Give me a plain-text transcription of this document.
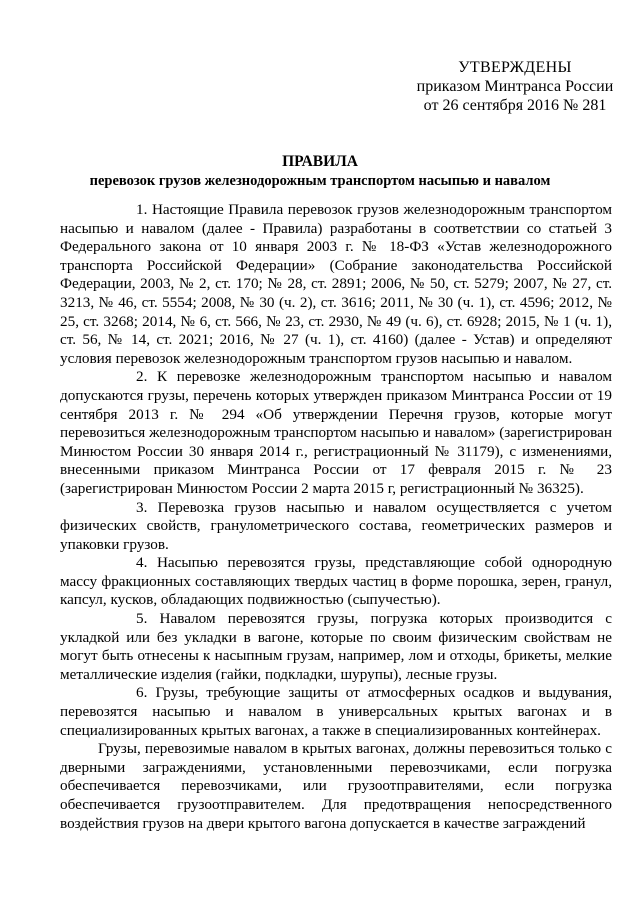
УТВЕРЖДЕНЫ
приказом Минтранса России
от 26 сентября 2016 № 281
ПРАВИЛА
перевозок грузов железнодорожным транспортом насыпью и навалом

1. Настоящие Правила перевозок грузов железнодорожным транспортом насыпью и навалом (далее - Правила) разработаны в соответствии со статьей 3 Федерального закона от 10 января 2003 г. № 18-ФЗ «Устав железнодорожного транспорта Российской Федерации» (Собрание законодательства Российской Федерации, 2003, № 2, ст. 170; № 28, ст. 2891; 2006, № 50, ст. 5279; 2007, № 27, ст. 3213, № 46, ст. 5554; 2008, № 30 (ч. 2), ст. 3616; 2011, № 30 (ч. 1), ст. 4596; 2012, № 25, ст. 3268; 2014, № 6, ст. 566, № 23, ст. 2930, № 49 (ч. 6), ст. 6928; 2015, № 1 (ч. 1), ст. 56, № 14, ст. 2021; 2016, № 27 (ч. 1), ст. 4160) (далее - Устав) и определяют условия перевозок железнодорожным транспортом грузов насыпью и навалом.

2. К перевозке железнодорожным транспортом насыпью и навалом допускаются грузы, перечень которых утвержден приказом Минтранса России от 19 сентября 2013 г. № 294 «Об утверждении Перечня грузов, которые могут перевозиться железнодорожным транспортом насыпью и навалом» (зарегистрирован Минюстом России 30 января 2014 г., регистрационный № 31179), с изменениями, внесенными приказом Минтранса России от 17 февраля 2015 г. № 23 (зарегистрирован Минюстом России 2 марта 2015 г, регистрационный № 36325).

3. Перевозка грузов насыпью и навалом осуществляется с учетом физических свойств, гранулометрического состава, геометрических размеров и упаковки грузов.

4. Насыпью перевозятся грузы, представляющие собой однородную массу фракционных составляющих твердых частиц в форме порошка, зерен, гранул, капсул, кусков, обладающих подвижностью (сыпучестью).

5. Навалом перевозятся грузы, погрузка которых производится с укладкой или без укладки в вагоне, которые по своим физическим свойствам не могут быть отнесены к насыпным грузам, например, лом и отходы, брикеты, мелкие металлические изделия (гайки, подкладки, шурупы), лесные грузы.

6. Грузы, требующие защиты от атмосферных осадков и выдувания, перевозятся насыпью и навалом в универсальных крытых вагонах и в специализированных крытых вагонах, а также в специализированных контейнерах.

Грузы, перевозимые навалом в крытых вагонах, должны перевозиться только с дверными заграждениями, установленными перевозчиками, если погрузка обеспечивается перевозчиками, или грузоотправителями, если погрузка обеспечивается грузоотправителем. Для предотвращения непосредственного воздействия грузов на двери крытого вагона допускается в качестве заграждений
